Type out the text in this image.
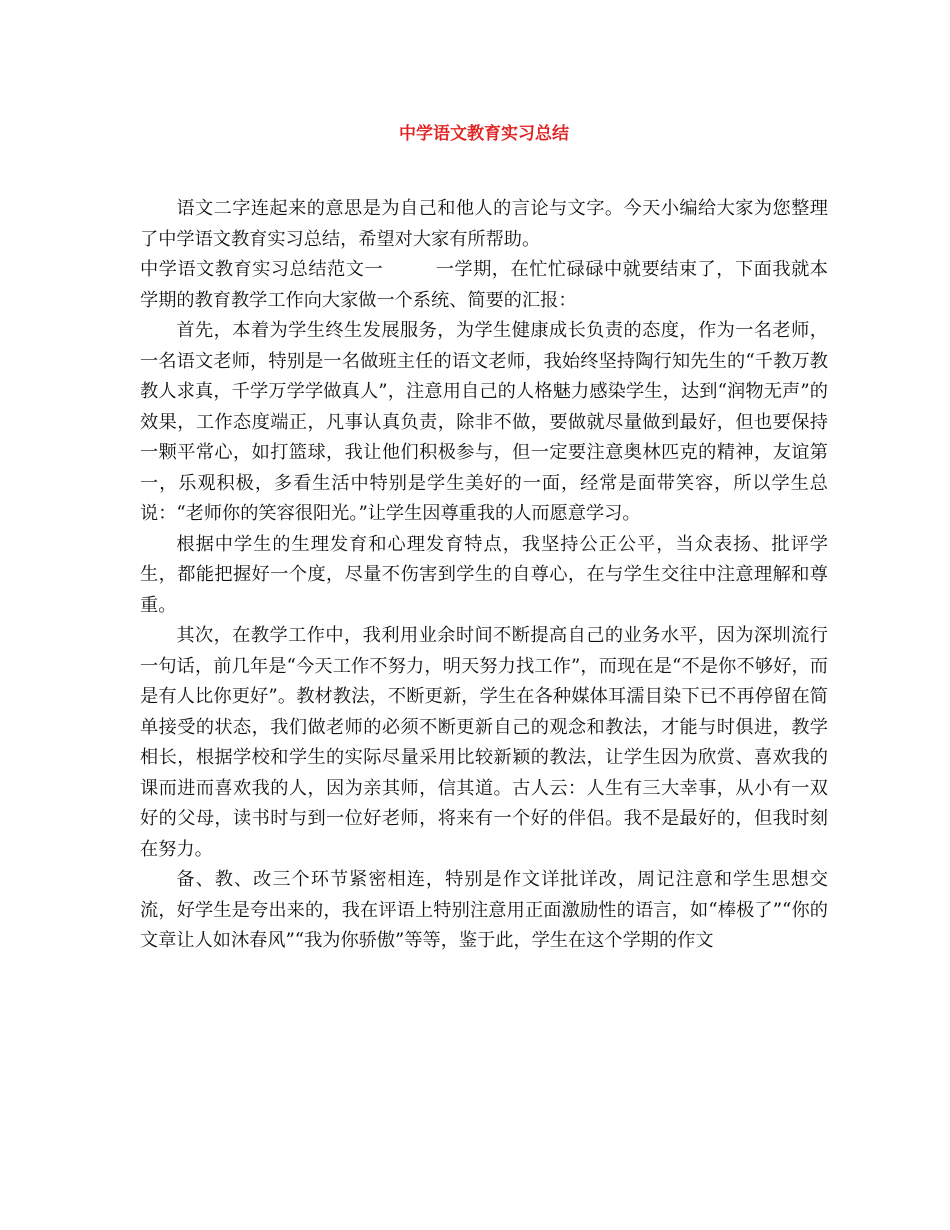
中学语文教育实习总结

语文二字连起来的意思是为自己和他人的言论与文字。今天小编给大家为您整理了中学语文教育实习总结，希望对大家有所帮助。

中学语文教育实习总结范文一	一学期，在忙忙碌碌中就要结束了，下面我就本学期的教育教学工作向大家做一个系统、简要的汇报：

首先，本着为学生终生发展服务，为学生健康成长负责的态度，作为一名老师，一名语文老师，特别是一名做班主任的语文老师，我始终坚持陶行知先生的“千教万教教人求真，千学万学学做真人”，注意用自己的人格魅力感染学生，达到“润物无声”的效果，工作态度端正，凡事认真负责，除非不做，要做就尽量做到最好，但也要保持一颗平常心，如打篮球，我让他们积极参与，但一定要注意奥林匹克的精神，友谊第一，乐观积极，多看生活中特别是学生美好的一面，经常是面带笑容，所以学生总说：“老师你的笑容很阳光。”让学生因尊重我的人而愿意学习。

根据中学生的生理发育和心理发育特点，我坚持公正公平，当众表扬、批评学生，都能把握好一个度，尽量不伤害到学生的自尊心，在与学生交往中注意理解和尊重。

其次，在教学工作中，我利用业余时间不断提高自己的业务水平，因为深圳流行一句话，前几年是“今天工作不努力，明天努力找工作”，而现在是“不是你不够好，而是有人比你更好”。教材教法，不断更新，学生在各种媒体耳濡目染下已不再停留在简单接受的状态，我们做老师的必须不断更新自己的观念和教法，才能与时俱进，教学相长，根据学校和学生的实际尽量采用比较新颖的教法，让学生因为欣赏、喜欢我的课而进而喜欢我的人，因为亲其师，信其道。古人云：人生有三大幸事，从小有一双好的父母，读书时与到一位好老师，将来有一个好的伴侣。我不是最好的，但我时刻在努力。

备、教、改三个环节紧密相连，特别是作文详批详改，周记注意和学生思想交流，好学生是夸出来的，我在评语上特别注意用正面激励性的语言，如“棒极了”“你的文章让人如沐春风”“我为你骄傲”等等，鉴于此，学生在这个学期的作文
